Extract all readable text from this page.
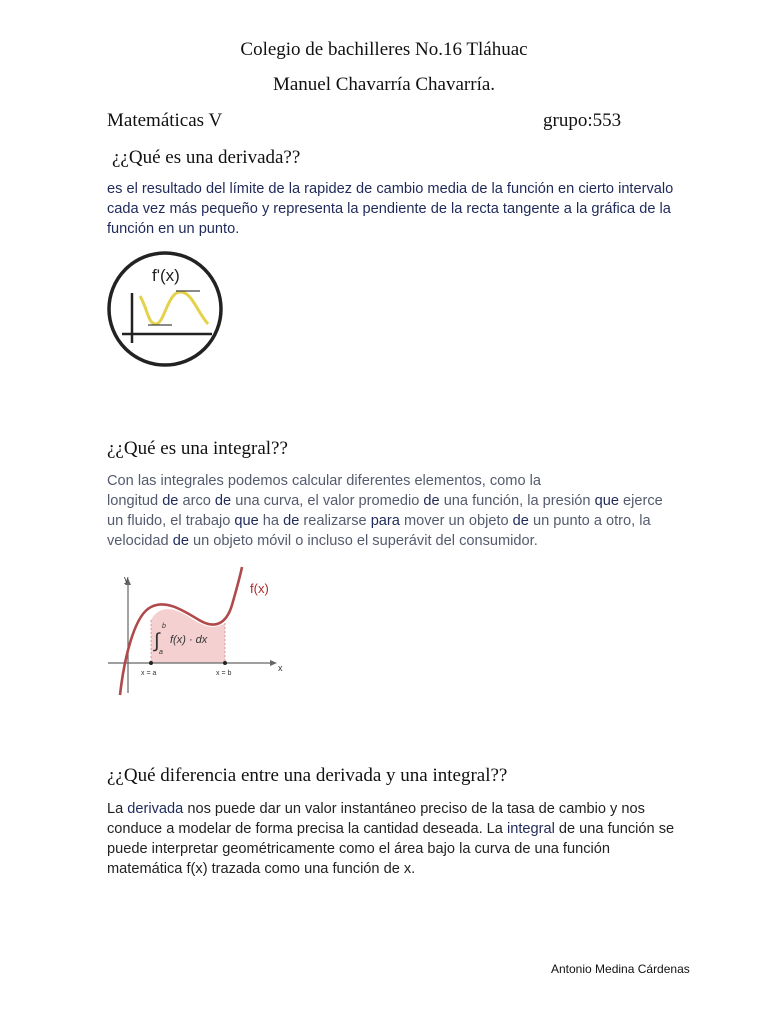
Colegio de bachilleres No.16 Tláhuac
Manuel Chavarría Chavarría.
Matemáticas V	grupo:553
¿¿Qué es una derivada??
es el resultado del límite de la rapidez de cambio media de la función en cierto intervalo
cada vez más pequeño y representa la pendiente de la recta tangente a la gráfica de la
función en un punto.
f'(x)
¿¿Qué es una integral??
Con las integrales podemos calcular diferentes elementos, como la
longitud de arco de una curva, el valor promedio de una función, la presión que ejerce
un fluido, el trabajo que ha de realizarse para mover un objeto de un punto a otro, la
velocidad de un objeto móvil o incluso el superávit del consumidor.
y
x
f(x)
x = a	x = b
∫
b
a
f(x) · dx
¿¿Qué diferencia entre una derivada y una integral??
La derivada nos puede dar un valor instantáneo preciso de la tasa de cambio y nos
conduce a modelar de forma precisa la cantidad deseada. La integral de una función se
puede interpretar geométricamente como el área bajo la curva de una función
matemática f(x) trazada como una función de x.
Antonio Medina Cárdenas
